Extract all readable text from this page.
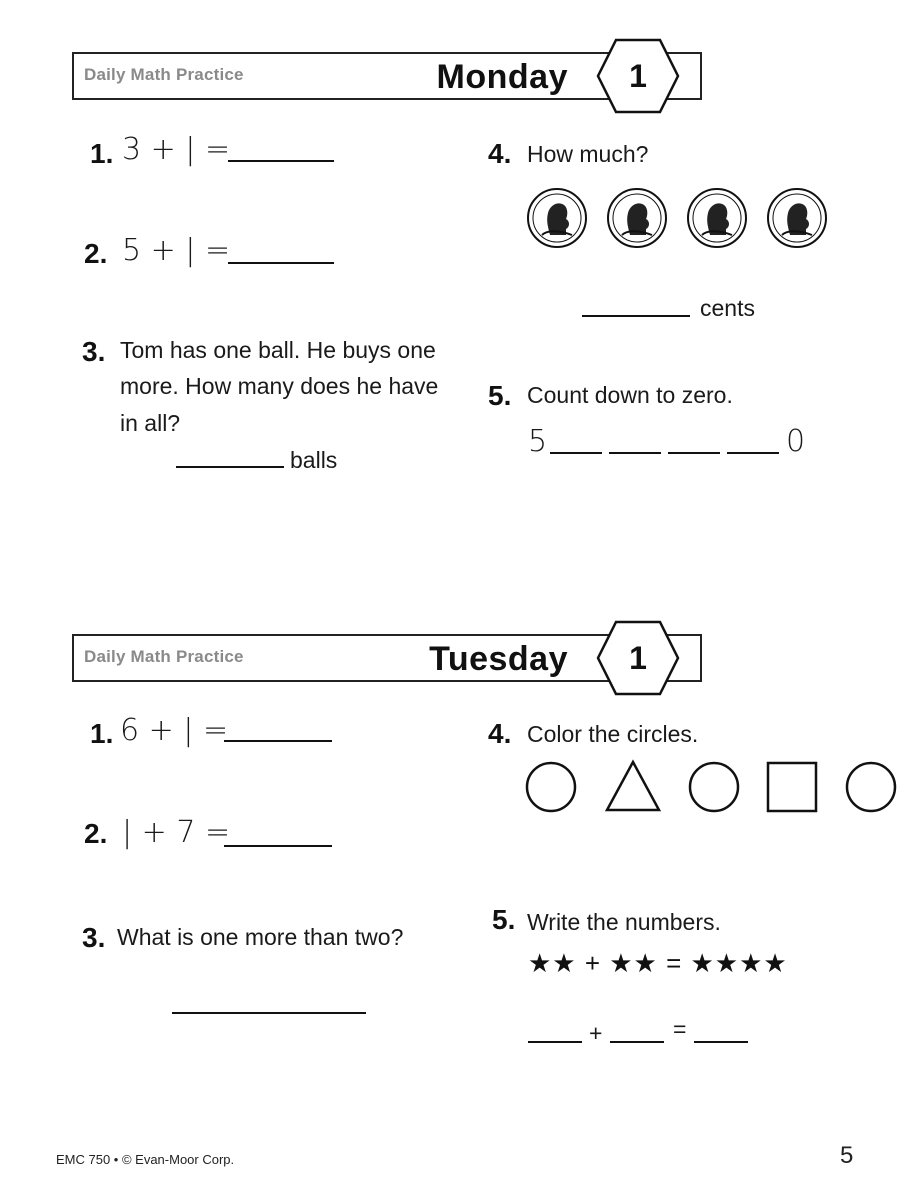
Daily Math Practice	Monday	1
1. 3 + | =
2. 5 + | =
3. Tom has one ball. He buys one
more. How many does he have
in all?
balls
4. How much?
cents
5. Count down to zero.
5	0
Daily Math Practice	Tuesday	1
1. 6 + | =
2. | + 7 =
3. What is one more than two?
4. Color the circles.
5. Write the numbers.
★★ + ★★ = ★★★★
+	=
EMC 750 • © Evan-Moor Corp.	5
